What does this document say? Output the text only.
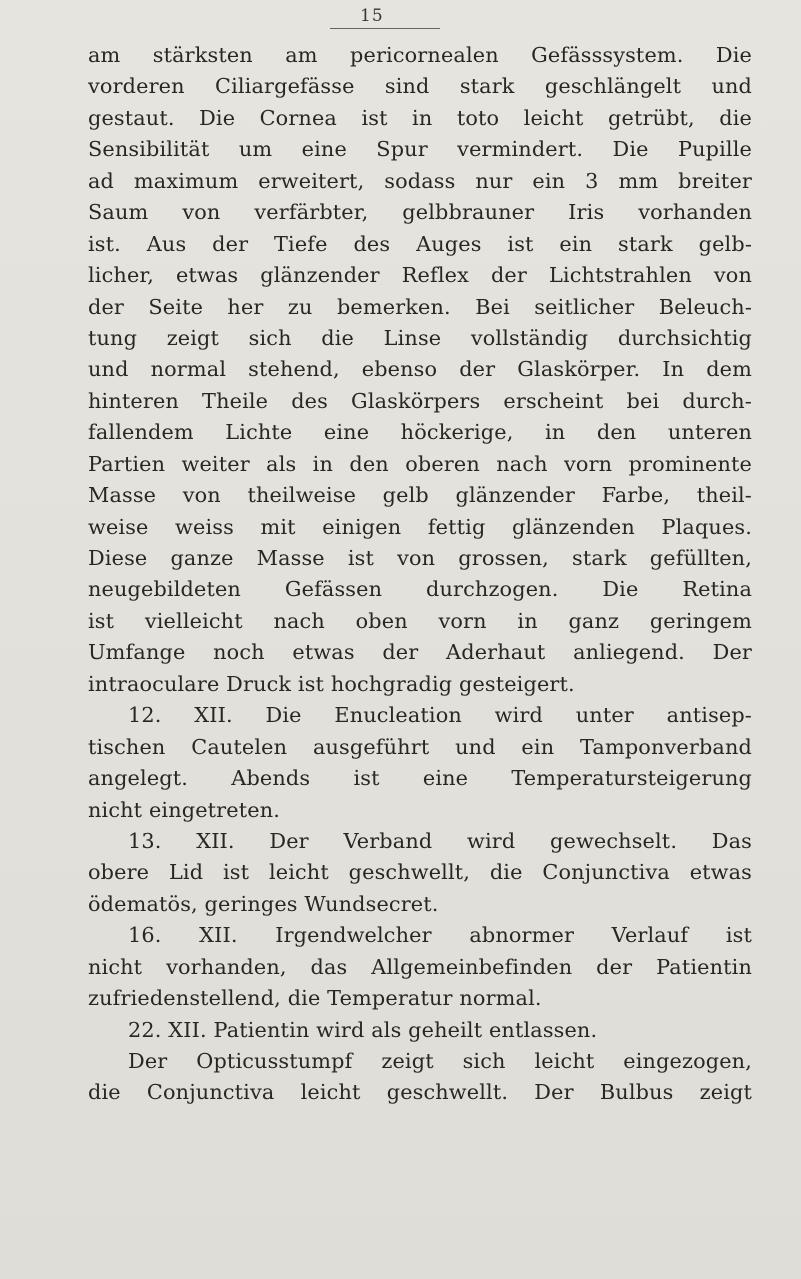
15
am stärksten am pericornealen Gefässsystem. Die
vorderen Ciliargefässe sind stark geschlängelt und
gestaut. Die Cornea ist in toto leicht getrübt, die
Sensibilität um eine Spur vermindert. Die Pupille
ad maximum erweitert, sodass nur ein 3 mm breiter
Saum von verfärbter, gelbbrauner Iris vorhanden
ist. Aus der Tiefe des Auges ist ein stark gelb-
licher, etwas glänzender Reflex der Lichtstrahlen von
der Seite her zu bemerken. Bei seitlicher Beleuch-
tung zeigt sich die Linse vollständig durchsichtig
und normal stehend, ebenso der Glaskörper. In dem
hinteren Theile des Glaskörpers erscheint bei durch-
fallendem Lichte eine höckerige, in den unteren
Partien weiter als in den oberen nach vorn prominente
Masse von theilweise gelb glänzender Farbe, theil-
weise weiss mit einigen fettig glänzenden Plaques.
Diese ganze Masse ist von grossen, stark gefüllten,
neugebildeten Gefässen durchzogen. Die Retina
ist vielleicht nach oben vorn in ganz geringem
Umfange noch etwas der Aderhaut anliegend. Der
intraoculare Druck ist hochgradig gesteigert.
12. XII. Die Enucleation wird unter antisep-
tischen Cautelen ausgeführt und ein Tamponverband
angelegt. Abends ist eine Temperatursteigerung
nicht eingetreten.
13. XII. Der Verband wird gewechselt. Das
obere Lid ist leicht geschwellt, die Conjunctiva etwas
ödematös, geringes Wundsecret.
16. XII. Irgendwelcher abnormer Verlauf ist
nicht vorhanden, das Allgemeinbefinden der Patientin
zufriedenstellend, die Temperatur normal.
22. XII. Patientin wird als geheilt entlassen.
Der Opticusstumpf zeigt sich leicht eingezogen,
die Conjunctiva leicht geschwellt. Der Bulbus zeigt
